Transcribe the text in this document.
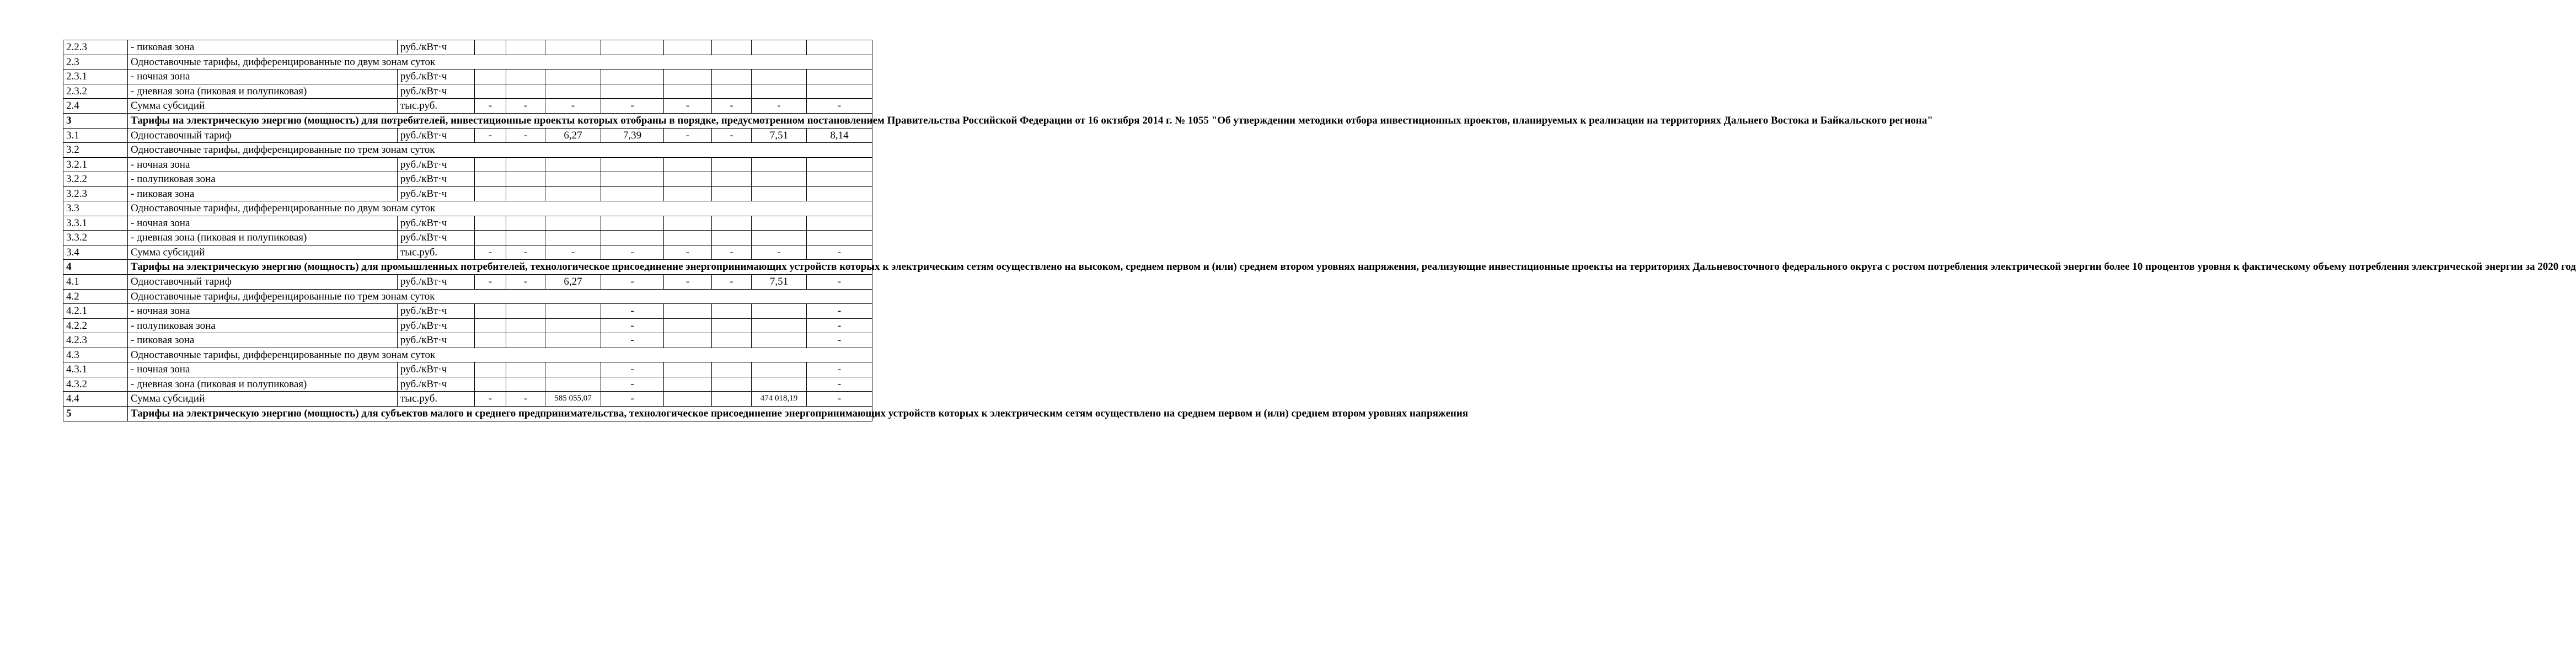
2.2.3	- пиковая зона	руб./кВт·ч								
2.3	Одноставочные тарифы, дифференцированные по двум зонам суток									
2.3.1	- ночная зона	руб./кВт·ч								
2.3.2	- дневная зона (пиковая и полупиковая)	руб./кВт·ч								
2.4	Сумма субсидий	тыс.руб.	-	-	-	-	-	-	-	-
3	Тарифы на электрическую энергию (мощность) для потребителей, инвестиционные проекты которых отобраны в порядке, предусмотренном постановлением Правительства Российской Федерации от 16 октября 2014 г. № 1055 "Об утверждении методики отбора инвестиционных проектов, планируемых к реализации на территориях Дальнего Востока и Байкальского региона"									
3.1	Одноставочный тариф	руб./кВт·ч	-	-	6,27	7,39	-	-	7,51	8,14
3.2	Одноставочные тарифы, дифференцированные по трем зонам суток									
3.2.1	- ночная зона	руб./кВт·ч								
3.2.2	- полупиковая зона	руб./кВт·ч								
3.2.3	- пиковая зона	руб./кВт·ч								
3.3	Одноставочные тарифы, дифференцированные по двум зонам суток									
3.3.1	- ночная зона	руб./кВт·ч								
3.3.2	- дневная зона (пиковая и полупиковая)	руб./кВт·ч								
3.4	Сумма субсидий	тыс.руб.	-	-	-	-	-	-	-	-
4	Тарифы на электрическую энергию (мощность) для промышленных потребителей, технологическое присоединение энергопринимающих устройств которых к электрическим сетям осуществлено на высоком, среднем первом и (или) среднем втором уровнях напряжения, реализующие инвестиционные проекты на территориях Дальневосточного федерального округа с ростом потребления электрической энергии более 10 процентов уровня к фактическому объему потребления электрической энергии за 2020 год									
4.1	Одноставочный тариф	руб./кВт·ч	-	-	6,27	-	-	-	7,51	-
4.2	Одноставочные тарифы, дифференцированные по трем зонам суток									
4.2.1	- ночная зона	руб./кВт·ч				-				-
4.2.2	- полупиковая зона	руб./кВт·ч				-				-
4.2.3	- пиковая зона	руб./кВт·ч				-				-
4.3	Одноставочные тарифы, дифференцированные по двум зонам суток									
4.3.1	- ночная зона	руб./кВт·ч				-				-
4.3.2	- дневная зона (пиковая и полупиковая)	руб./кВт·ч				-				-
4.4	Сумма субсидий	тыс.руб.	-	-	585 055,07	-			474 018,19	-
5	Тарифы на электрическую энергию (мощность) для субъектов малого и среднего предпринимательства, технологическое присоединение энергопринимающих устройств которых к электрическим сетям осуществлено на среднем первом и (или) среднем втором уровнях напряжения									
